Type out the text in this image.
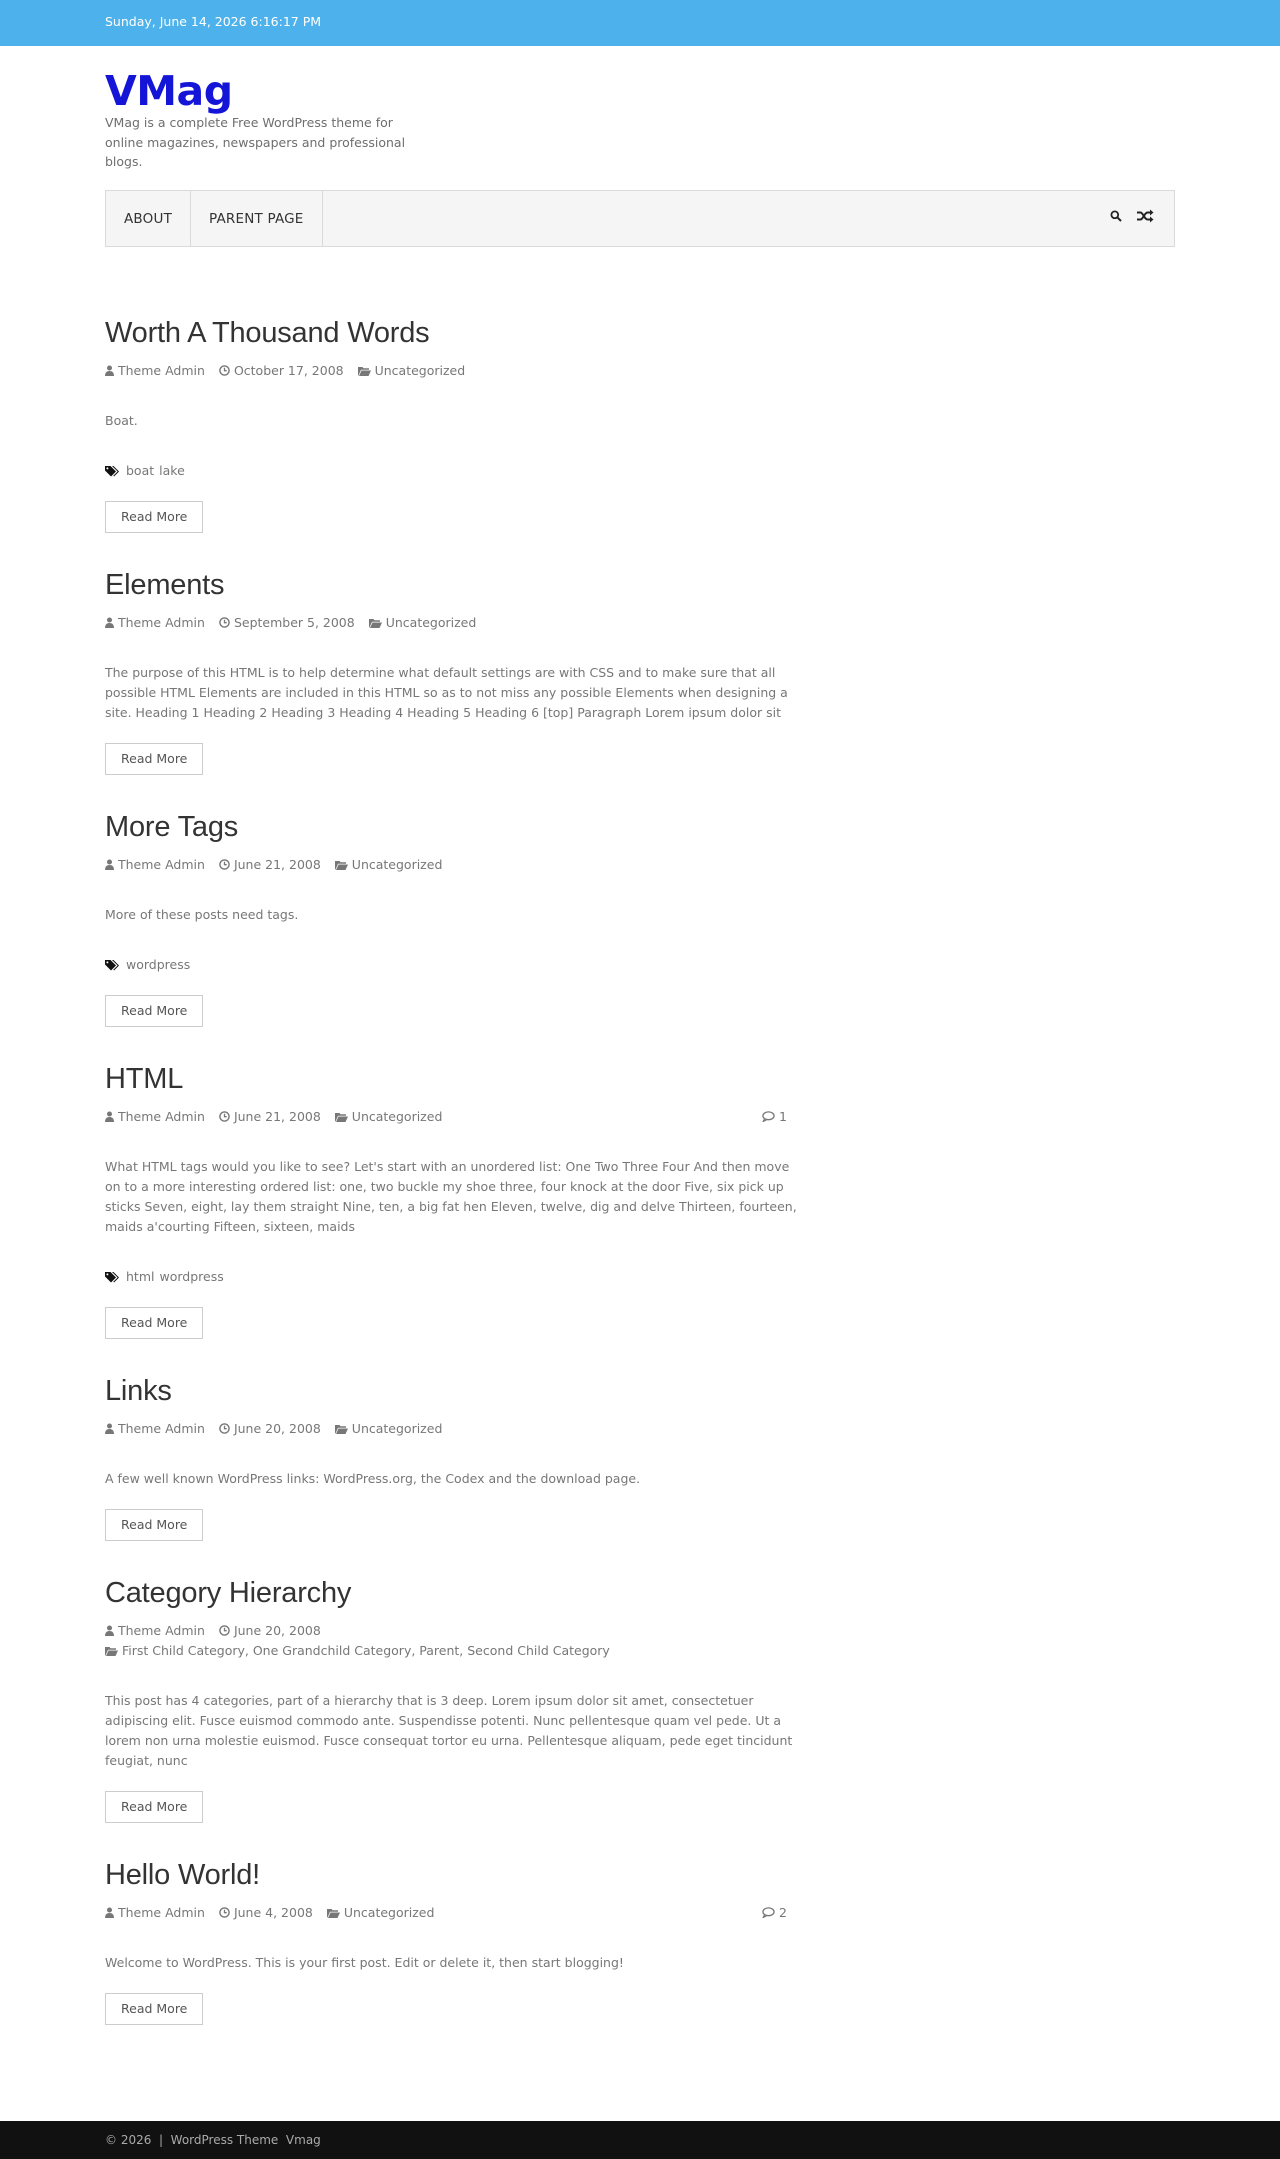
Sunday, June 14, 2026 6:16:17 PM
VMag
VMag is a complete Free WordPress theme for online magazines, newspapers and professional blogs.
ABOUT	PARENT PAGE
Worth A Thousand Words
Theme Admin October 17, 2008 Uncategorized
Boat.
boat lake
Read More
Elements
Theme Admin September 5, 2008 Uncategorized
The purpose of this HTML is to help determine what default settings are with CSS and to make sure that all possible HTML Elements are included in this HTML so as to not miss any possible Elements when designing a site. Heading 1 Heading 2 Heading 3 Heading 4 Heading 5 Heading 6 [top] Paragraph Lorem ipsum dolor sit
Read More
More Tags
Theme Admin June 21, 2008 Uncategorized
More of these posts need tags.
wordpress
Read More
HTML
Theme Admin June 21, 2008 Uncategorized	1
What HTML tags would you like to see? Let's start with an unordered list: One Two Three Four And then move on to a more interesting ordered list: one, two buckle my shoe three, four knock at the door Five, six pick up sticks Seven, eight, lay them straight Nine, ten, a big fat hen Eleven, twelve, dig and delve Thirteen, fourteen, maids a'courting Fifteen, sixteen, maids
html wordpress
Read More
Links
Theme Admin June 20, 2008 Uncategorized
A few well known WordPress links: WordPress.org, the Codex and the download page.
Read More
Category Hierarchy
Theme Admin June 20, 2008First Child Category, One Grandchild Category, Parent, Second Child Category
This post has 4 categories, part of a hierarchy that is 3 deep. Lorem ipsum dolor sit amet, consectetuer adipiscing elit. Fusce euismod commodo ante. Suspendisse potenti. Nunc pellentesque quam vel pede. Ut a lorem non urna molestie euismod. Fusce consequat tortor eu urna. Pellentesque aliquam, pede eget tincidunt feugiat, nunc
Read More
Hello World!
Theme Admin June 4, 2008 Uncategorized	2
Welcome to WordPress. This is your first post. Edit or delete it, then start blogging!
Read More
© 2026  |  WordPress Theme  Vmag
